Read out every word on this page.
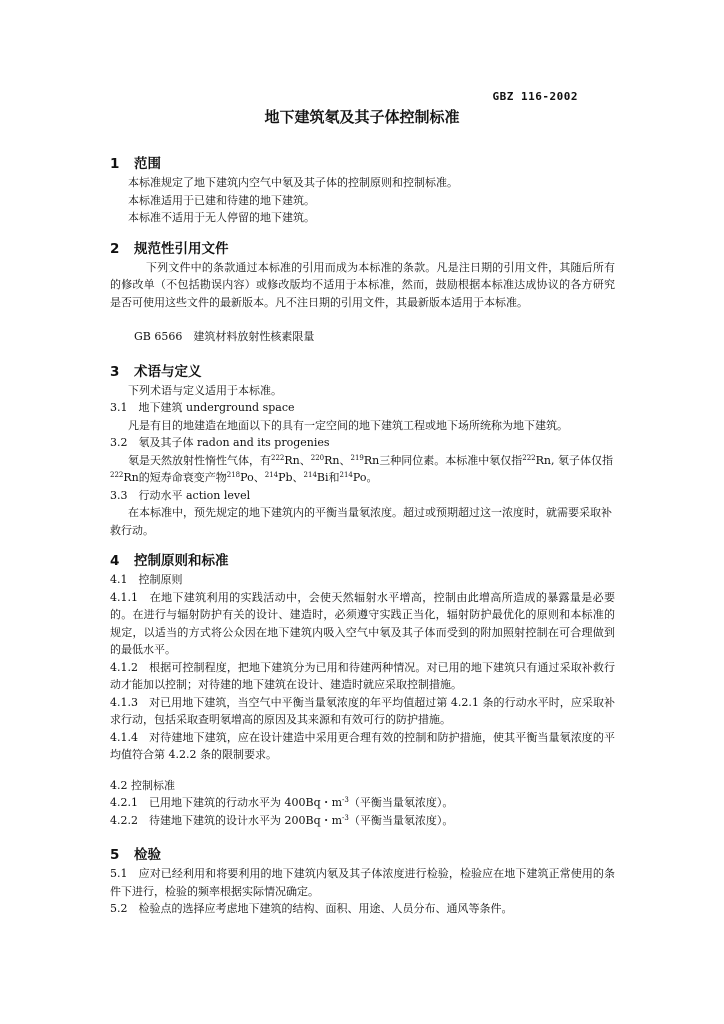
GBZ 116-2002
地下建筑氡及其子体控制标准

1 范围

本标准规定了地下建筑内空气中氡及其子体的控制原则和控制标准。

本标准适用于已建和待建的地下建筑。

本标准不适用于无人停留的地下建筑。

2 规范性引用文件

下列文件中的条款通过本标准的引用而成为本标准的条款。凡是注日期的引用文件，其随后所有的修改单（不包括勘误内容）或修改版均不适用于本标准，然而，鼓励根据本标准达成协议的各方研究是否可使用这些文件的最新版本。凡不注日期的引用文件，其最新版本适用于本标准。

GB 6566　建筑材料放射性核素限量

3 术语与定义

下列术语与定义适用于本标准。

3.1　地下建筑 underground space

凡是有目的地建造在地面以下的具有一定空间的地下建筑工程或地下场所统称为地下建筑。

3.2　氡及其子体 radon and its progenies

氡是天然放射性惰性气体，有$^{222}$Rn、$^{220}$Rn、$^{219}$Rn三种同位素。本标准中氡仅指$^{222}$Rn, 氡子体仅指$^{222}$Rn的短寿命衰变产物$^{218}$Po、$^{214}$Pb、$^{214}$Bi和$^{214}$Po。

3.3　行动水平 action level

在本标准中，预先规定的地下建筑内的平衡当量氡浓度。超过或预期超过这一浓度时，就需要采取补救行动。

4 控制原则和标准

4.1　控制原则

4.1.1　在地下建筑利用的实践活动中，会使天然辐射水平增高，控制由此增高所造成的暴露量是必要的。在进行与辐射防护有关的设计、建造时，必须遵守实践正当化，辐射防护最优化的原则和本标准的规定，以适当的方式将公众因在地下建筑内吸入空气中氡及其子体而受到的附加照射控制在可合理做到的最低水平。

4.1.2　根据可控制程度，把地下建筑分为已用和待建两种情况。对已用的地下建筑只有通过采取补救行动才能加以控制；对待建的地下建筑在设计、建造时就应采取控制措施。

4.1.3　对已用地下建筑，当空气中平衡当量氡浓度的年平均值超过第 4.2.1 条的行动水平时，应采取补求行动，包括采取查明氡增高的原因及其来源和有效可行的防护措施。

4.1.4　对待建地下建筑，应在设计建造中采用更合理有效的控制和防护措施，使其平衡当量氡浓度的平均值符合第 4.2.2 条的限制要求。

4.2 控制标准

4.2.1　已用地下建筑的行动水平为 400Bq・$m^{-3}$（平衡当量氡浓度）。

4.2.2　待建地下建筑的设计水平为 200Bq・$m^{-3}$（平衡当量氡浓度）。

5 检验

5.1　应对已经利用和将要利用的地下建筑内氡及其子体浓度进行检验，检验应在地下建筑正常使用的条件下进行，检验的频率根据实际情况确定。

5.2　检验点的选择应考虑地下建筑的结构、面积、用途、人员分布、通风等条件。
